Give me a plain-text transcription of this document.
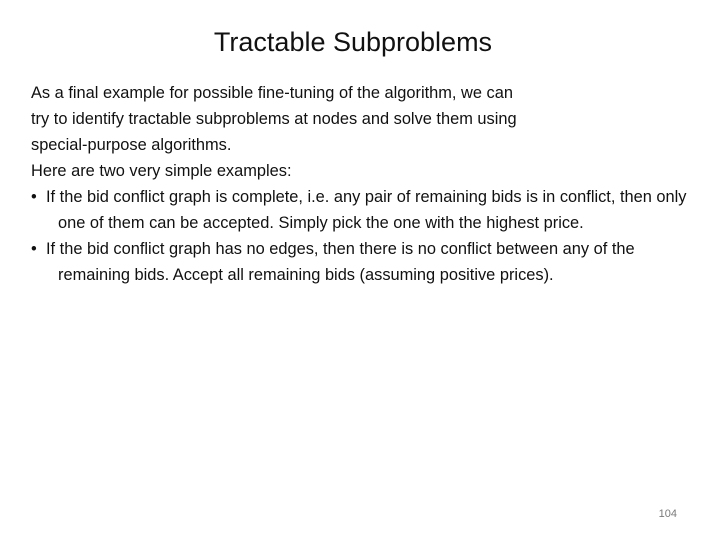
Tractable Subproblems

As a final example for possible fine-tuning of the algorithm, we can

try to identify tractable subproblems at nodes and solve them using

special-purpose algorithms.

Here are two very simple examples:

• If the bid conflict graph is complete, i.e. any pair of remaining bids is in conflict, then only one of them can be accepted. Simply pick the one with the highest price.
• If the bid conflict graph has no edges, then there is no conflict between any of the remaining bids. Accept all remaining bids (assuming positive prices).
104
